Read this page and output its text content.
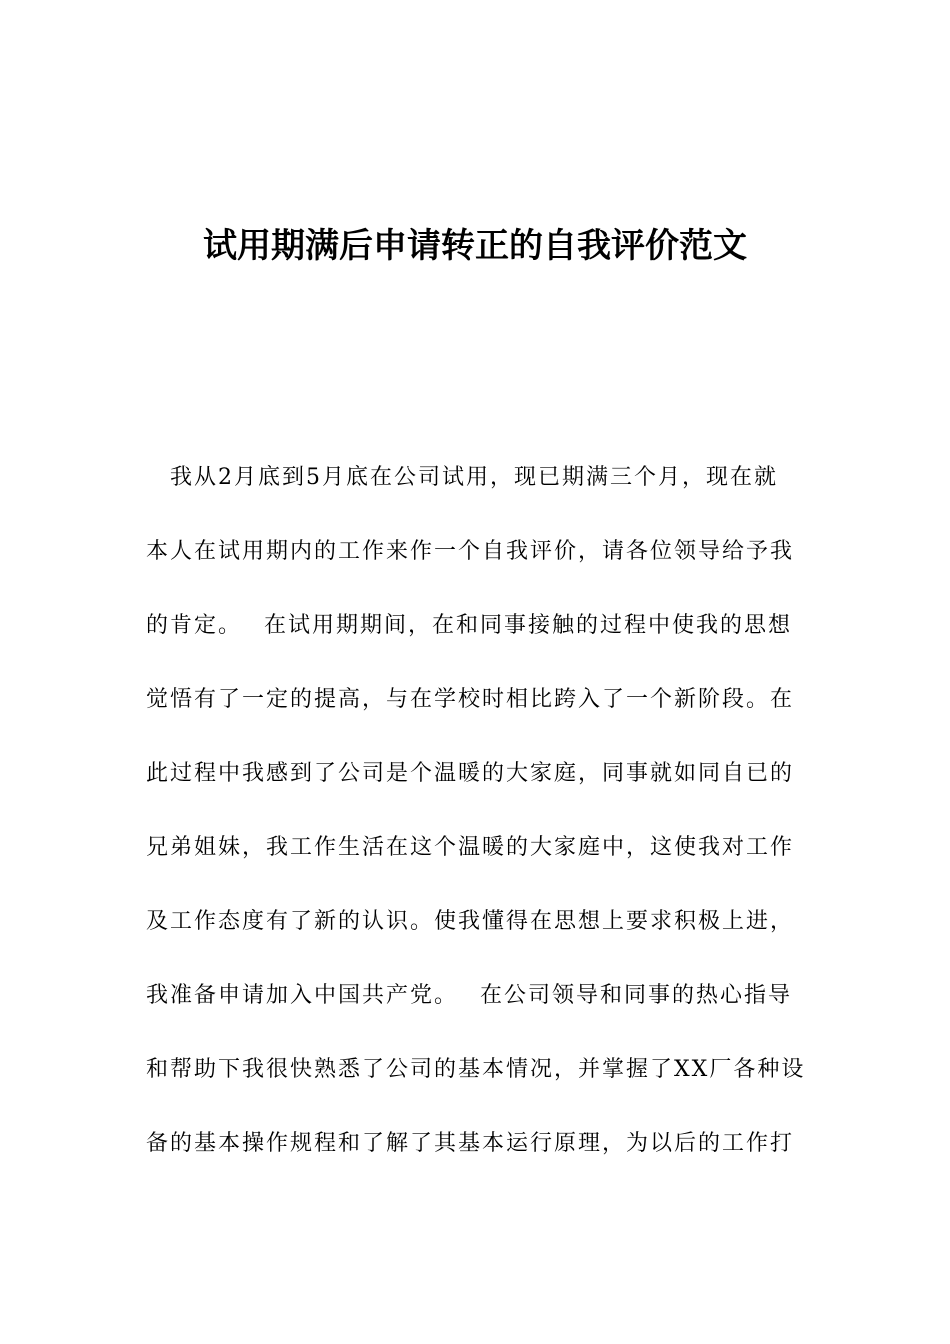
试用期满后申请转正的自我评价范文
　我从2月底到5月底在公司试用，现已期满三个月，现在就
本人在试用期内的工作来作一个自我评价，请各位领导给予我
的肯定。　 在试用期期间，在和同事接触的过程中使我的思想
觉悟有了一定的提高，与在学校时相比跨入了一个新阶段。在
此过程中我感到了公司是个温暖的大家庭，同事就如同自已的
兄弟姐妹，我工作生活在这个温暖的大家庭中，这使我对工作
及工作态度有了新的认识。使我懂得在思想上要求积极上进，
我准备申请加入中国共产党。　 在公司领导和同事的热心指导
和帮助下我很快熟悉了公司的基本情况，并掌握了XX厂各种设
备的基本操作规程和了解了其基本运行原理，为以后的工作打
